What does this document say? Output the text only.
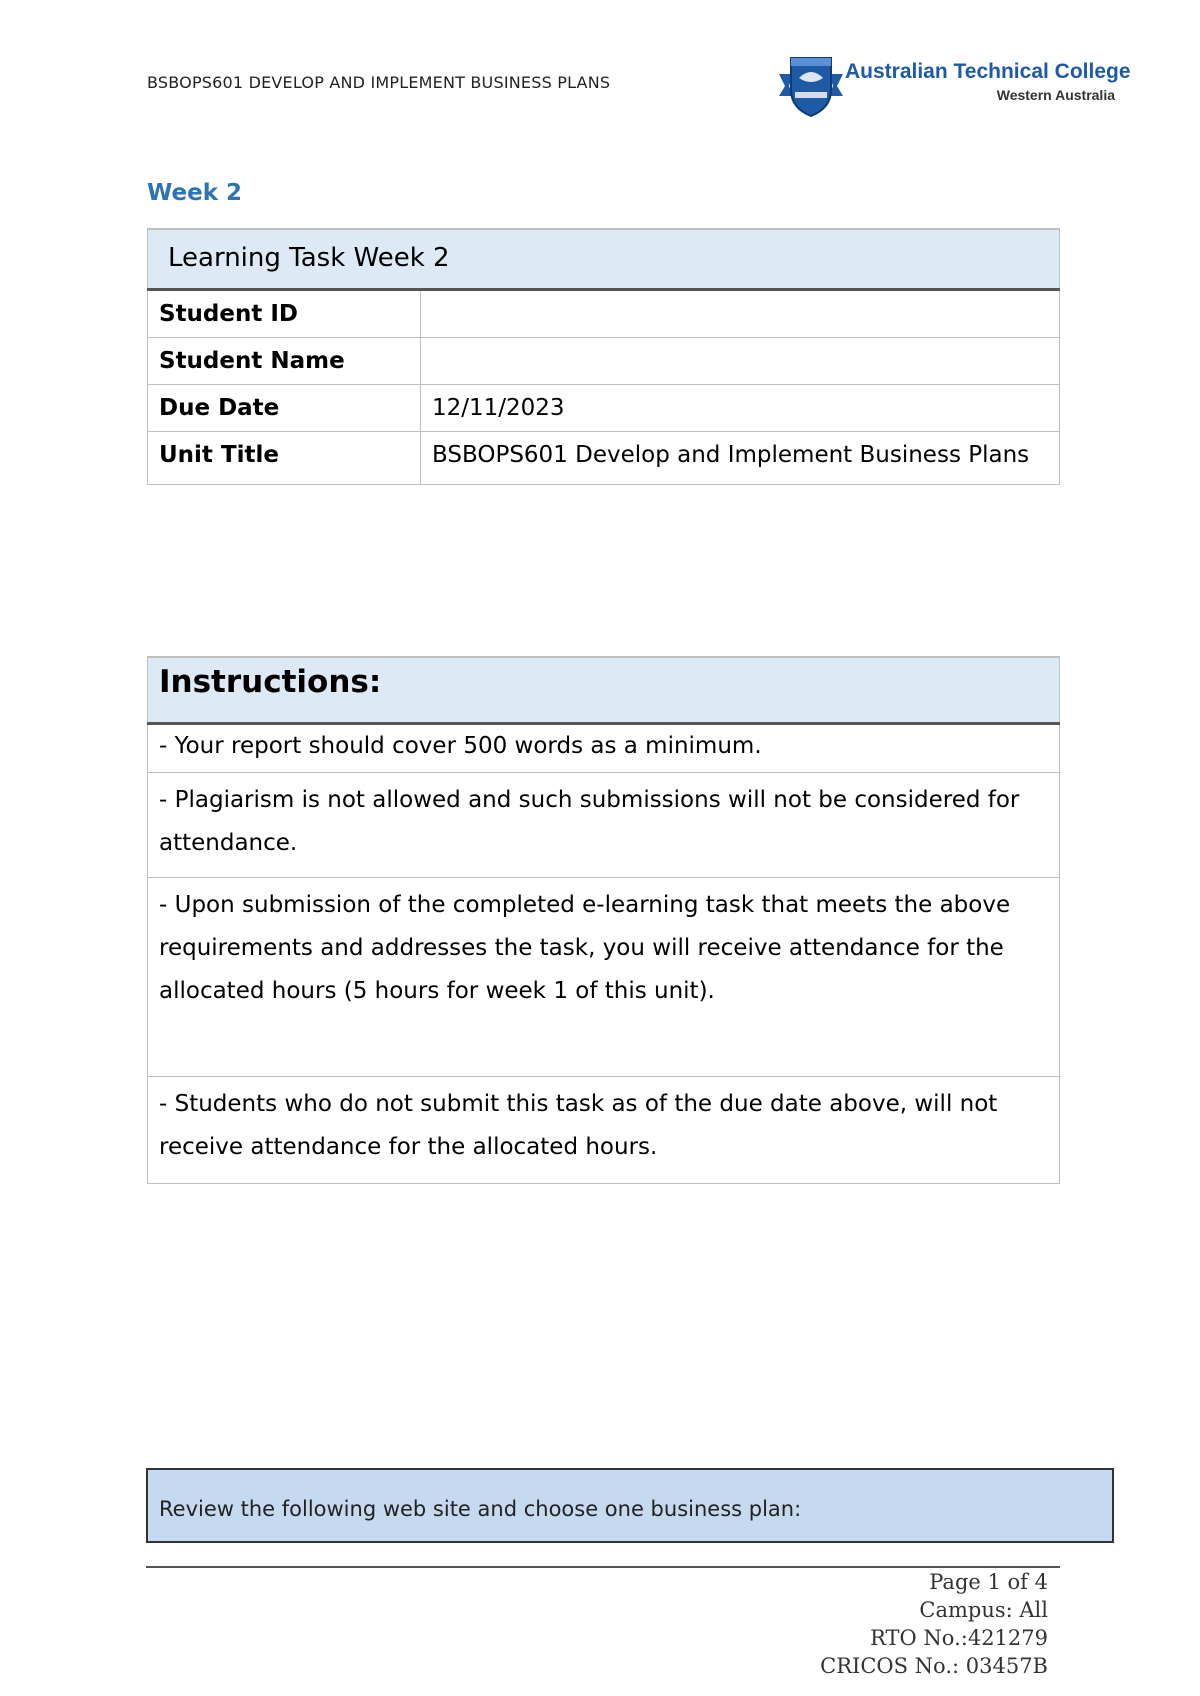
BSBOPS601 DEVELOP AND IMPLEMENT BUSINESS PLANS	Australian Technical College
Western Australia
Week 2
Learning Task Week 2	
Student ID	
Student Name	
Due Date	12/11/2023
Unit Title	BSBOPS601 Develop and Implement Business Plans
Instructions:
- Your report should cover 500 words as a minimum.
- Plagiarism is not allowed and such submissions will not be considered for attendance.
- Upon submission of the completed e-learning task that meets the above requirements and addresses the task, you will receive attendance for the allocated hours (5 hours for week 1 of this unit).
- Students who do not submit this task as of the due date above, will not receive attendance for the allocated hours.
Review the following web site and choose one business plan:
Page 1 of 4
Campus: All
RTO No.:421279
CRICOS No.: 03457B
